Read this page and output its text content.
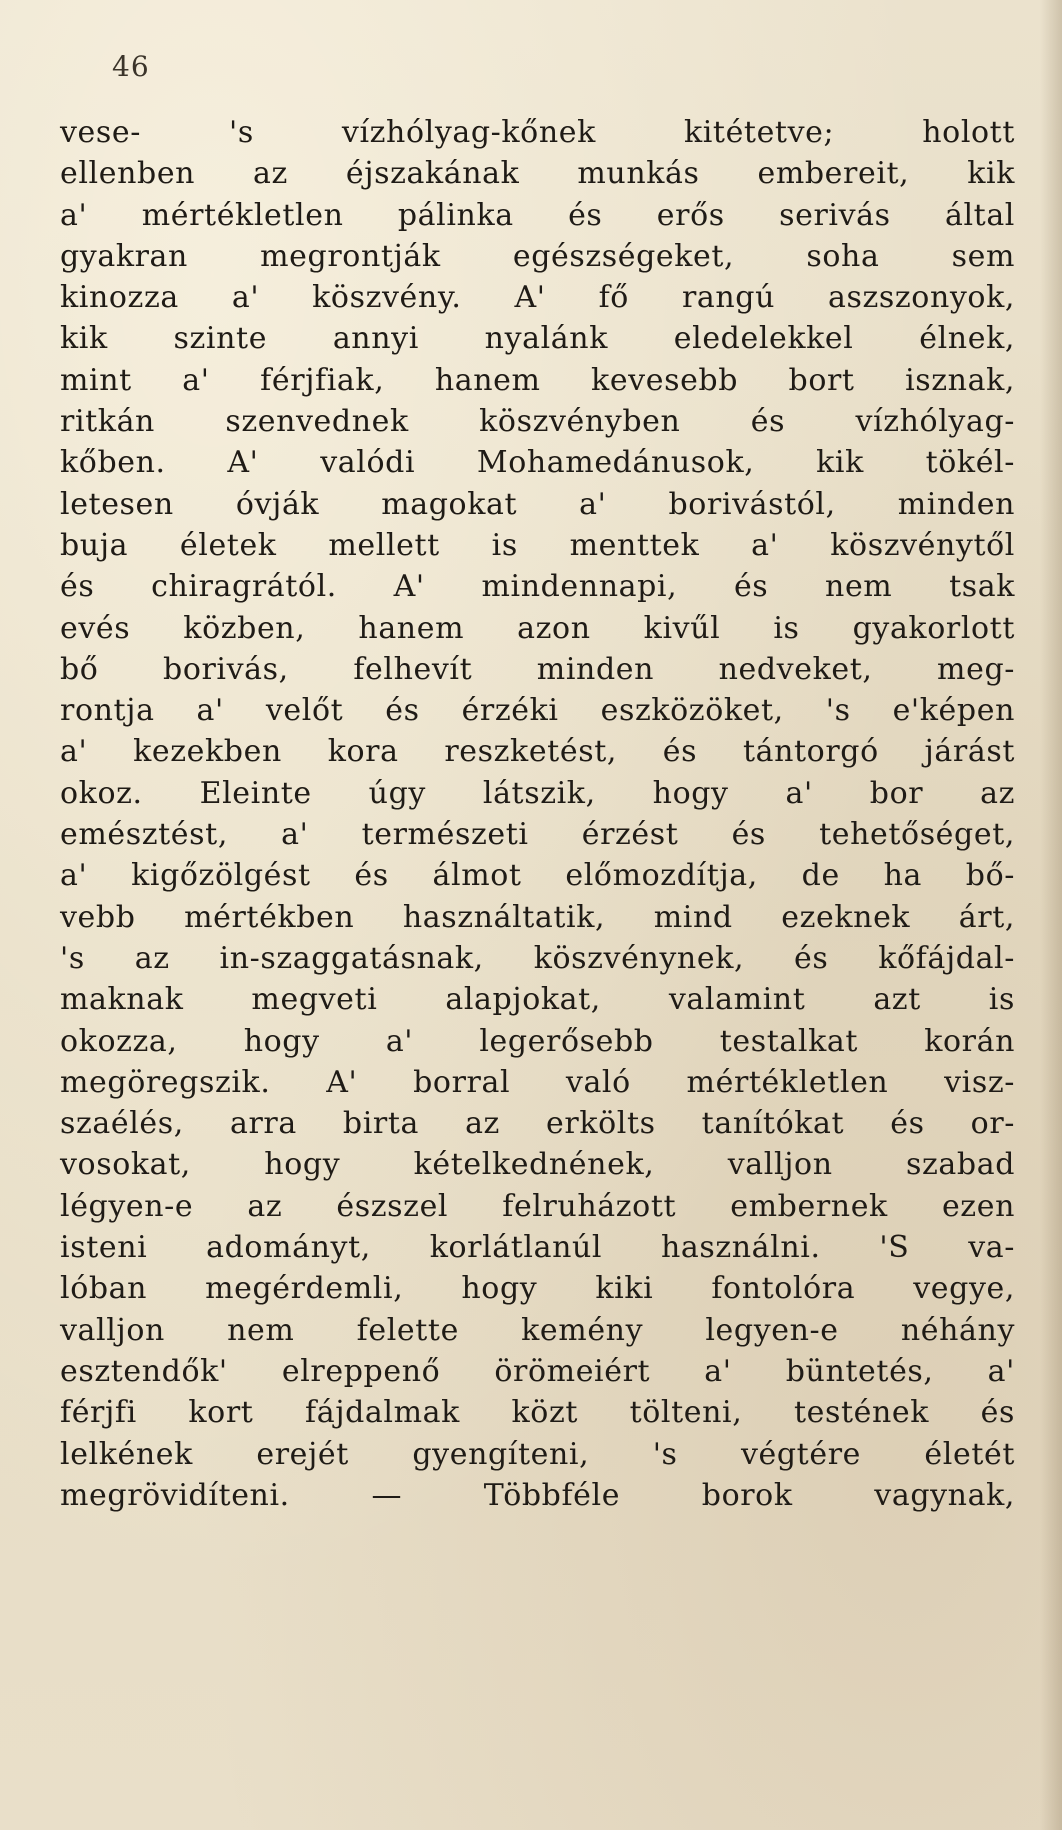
46
vese- 's vízhólyag-kőnek kitétetve; holott
ellenben az éjszakának munkás embereit, kik
a' mértékletlen pálinka és erős serivás által
gyakran megrontják egészségeket, soha sem
kinozza a' köszvény. A' fő rangú aszszonyok,
kik szinte annyi nyalánk eledelekkel élnek,
mint a' férjfiak, hanem kevesebb bort isznak,
ritkán szenvednek köszvényben és vízhólyag-
kőben. A' valódi Mohamedánusok, kik tökél-
letesen óvják magokat a' borivástól, minden
buja életek mellett is menttek a' köszvénytől
és chiragrától. A' mindennapi, és nem tsak
evés közben, hanem azon kivűl is gyakorlott
bő borivás, felhevít minden nedveket, meg-
rontja a' velőt és érzéki eszközöket, 's e'képen
a' kezekben kora reszketést, és tántorgó járást
okoz. Eleinte úgy látszik, hogy a' bor az
emésztést, a' természeti érzést és tehetőséget,
a' kigőzölgést és álmot előmozdítja, de ha bő-
vebb mértékben használtatik, mind ezeknek árt,
's az in-szaggatásnak, köszvénynek, és kőfájdal-
maknak megveti alapjokat, valamint azt is
okozza, hogy a' legerősebb testalkat korán
megöregszik. A' borral való mértékletlen visz-
szaélés, arra birta az erkölts tanítókat és or-
vosokat, hogy kételkednének, valljon szabad
légyen-e az észszel felruházott embernek ezen
isteni adományt, korlátlanúl használni. 'S va-
lóban megérdemli, hogy kiki fontolóra vegye,
valljon nem felette kemény legyen-e néhány
esztendők' elreppenő örömeiért a' büntetés, a'
férjfi kort fájdalmak közt tölteni, testének és
lelkének erejét gyengíteni, 's végtére életét
megrövidíteni. — Többféle borok vagynak,
